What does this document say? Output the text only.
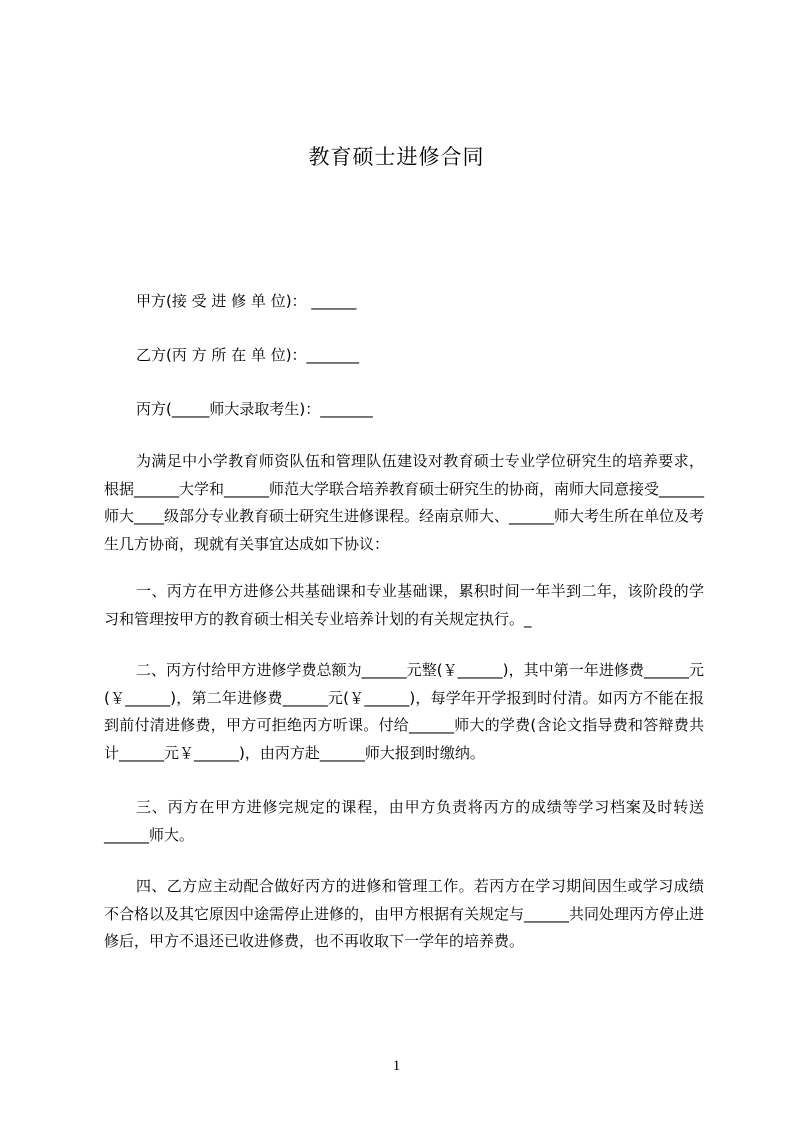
教育硕士进修合同
甲方(接 受 进 修 单 位)： ______
乙方(丙 方 所 在 单 位)：_______
丙方(_____师大录取考生)：_______

为满足中小学教育师资队伍和管理队伍建设对教育硕士专业学位研究生的培养要求，根据______大学和______师范大学联合培养教育硕士研究生的协商，南师大同意接受______师大____级部分专业教育硕士研究生进修课程。经南京师大、______师大考生所在单位及考生几方协商，现就有关事宜达成如下协议：

一、丙方在甲方进修公共基础课和专业基础课，累积时间一年半到二年，该阶段的学习和管理按甲方的教育硕士相关专业培养计划的有关规定执行。_

二、丙方付给甲方进修学费总额为______元整(￥______)，其中第一年进修费______元(￥______)，第二年进修费______元(￥______)，每学年开学报到时付清。如丙方不能在报到前付清进修费，甲方可拒绝丙方听课。付给______师大的学费(含论文指导费和答辩费共计______元￥______)，由丙方赴______师大报到时缴纳。

三、丙方在甲方进修完规定的课程，由甲方负责将丙方的成绩等学习档案及时转送______师大。

四、乙方应主动配合做好丙方的进修和管理工作。若丙方在学习期间因生或学习成绩不合格以及其它原因中途需停止进修的，由甲方根据有关规定与______共同处理丙方停止进修后，甲方不退还已收进修费，也不再收取下一学年的培养费。

1
